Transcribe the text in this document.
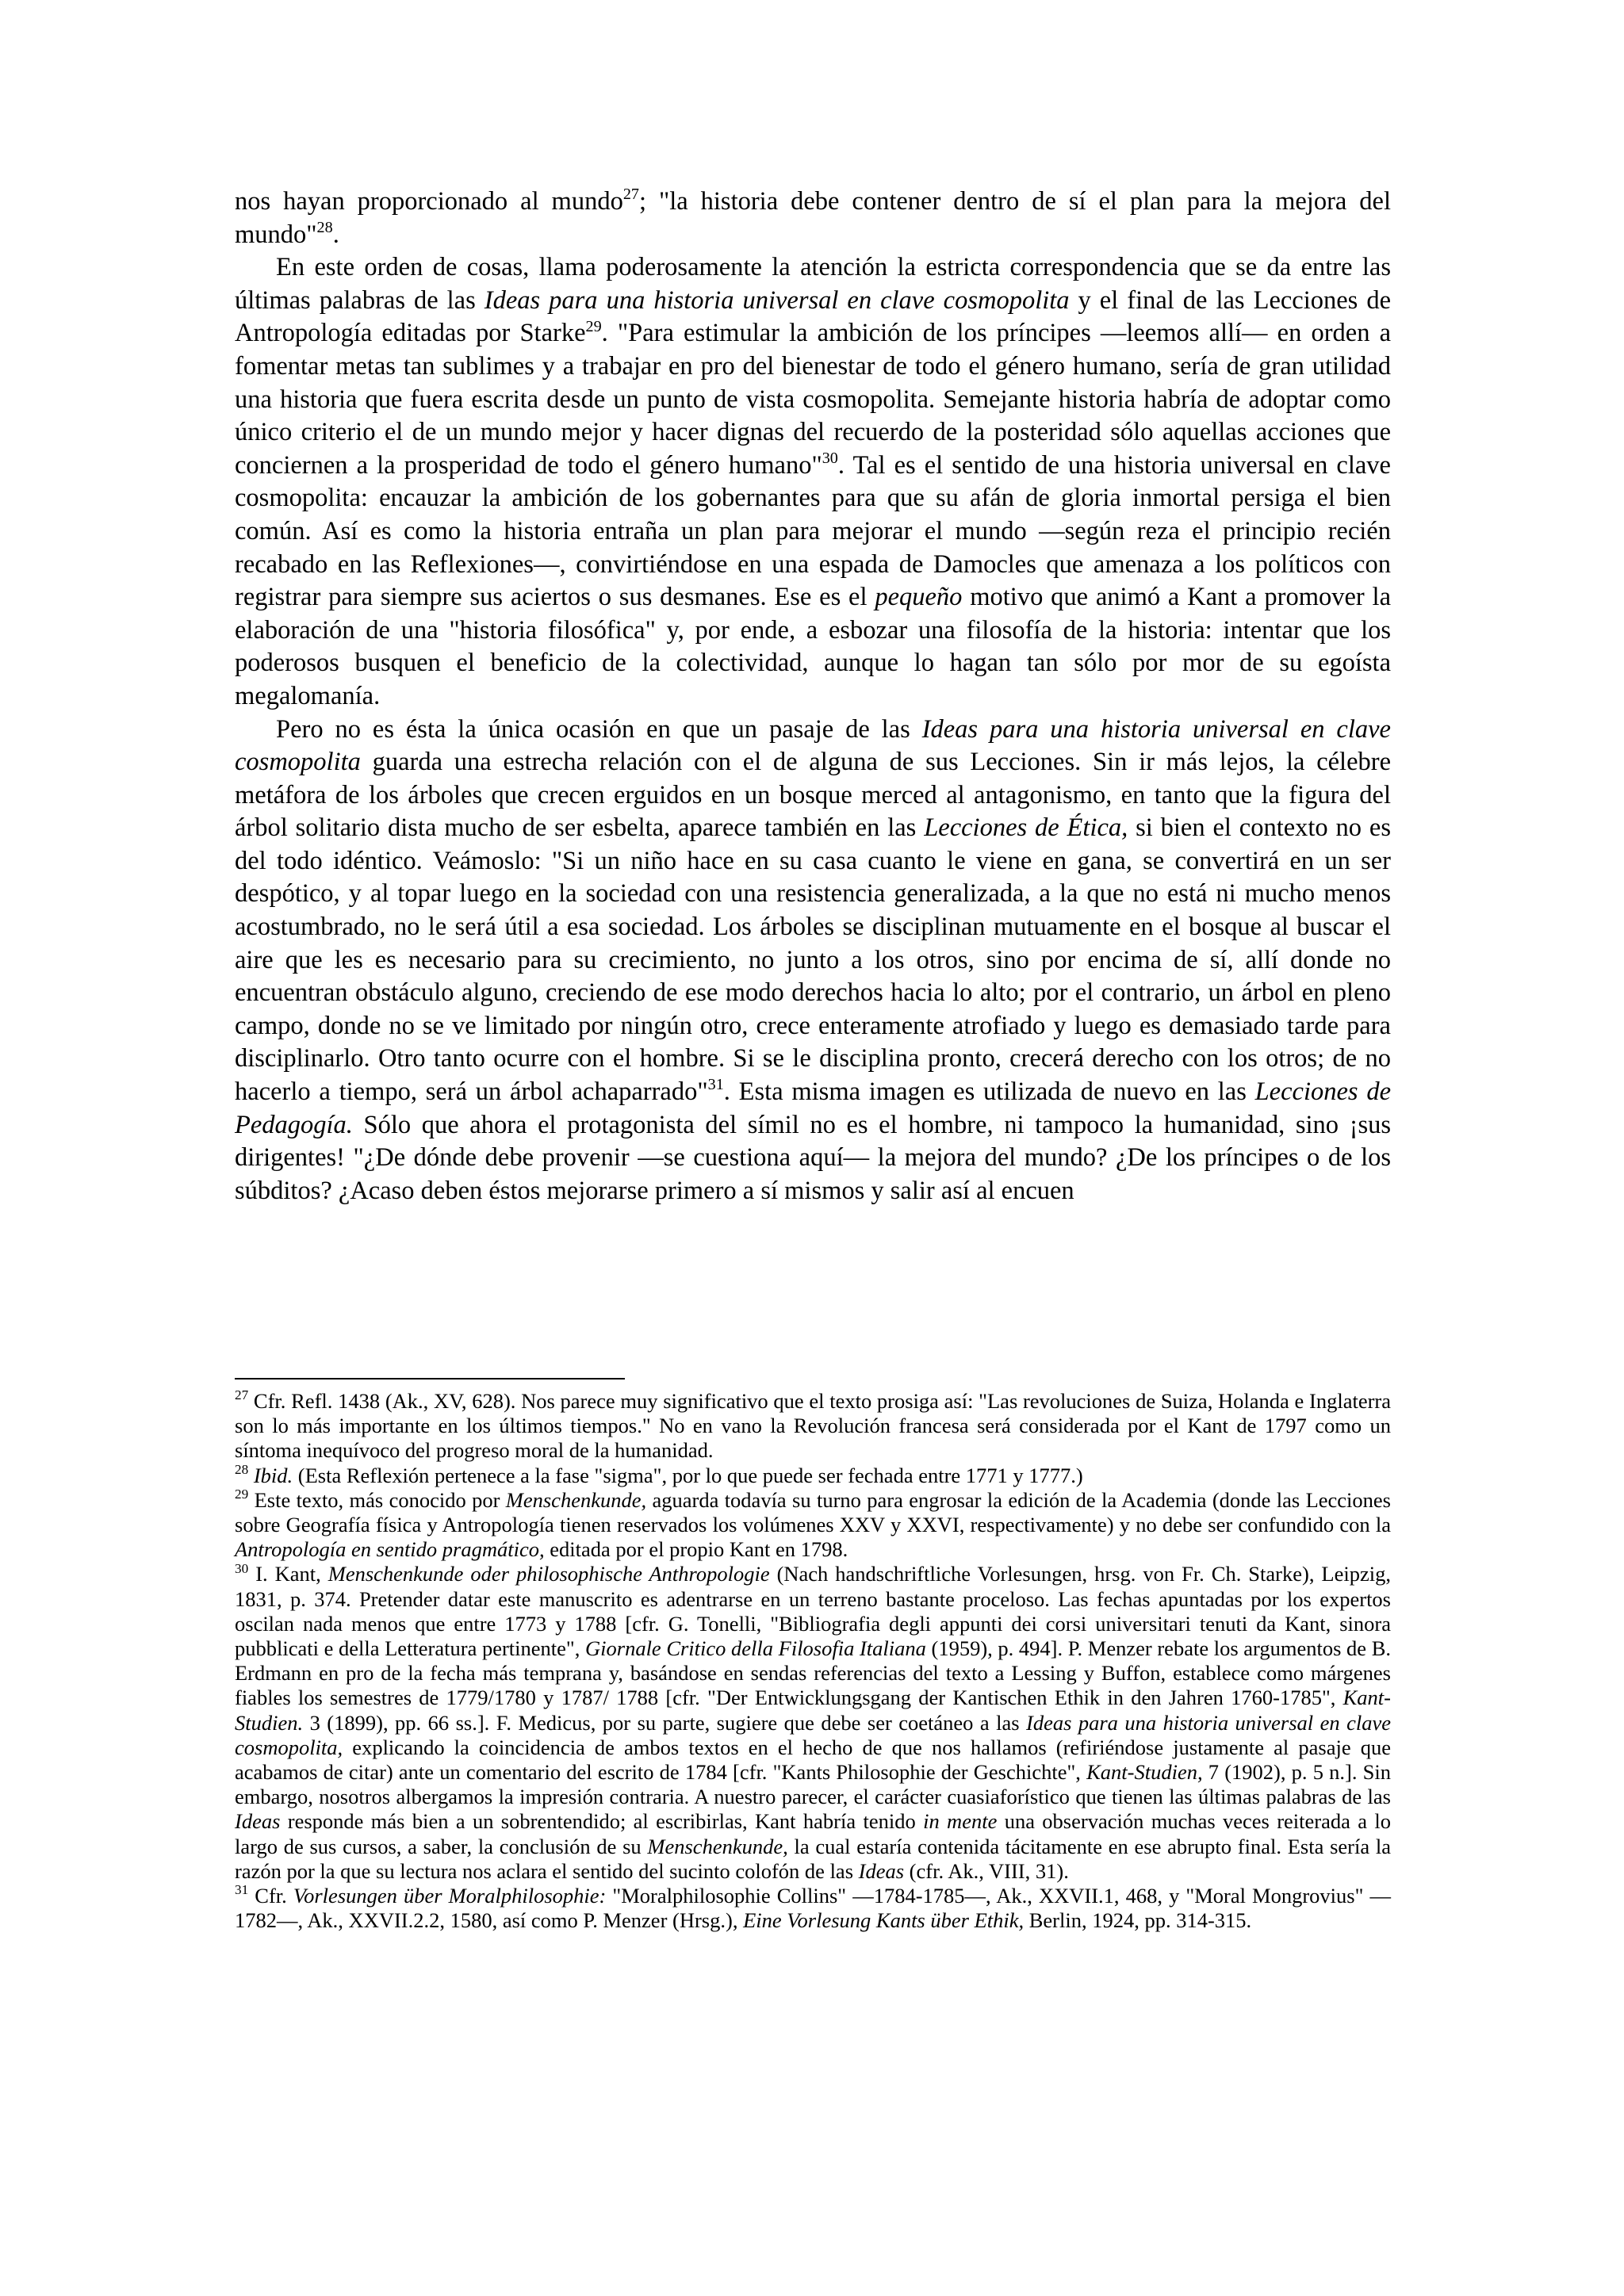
nos hayan proporcionado al mundo$^{27}$; "la historia debe contener dentro de sí el plan para la mejora del mundo"$^{28}$.

En este orden de cosas, llama poderosamente la atención la estricta correspondencia que se da entre las últimas palabras de las Ideas para una historia universal en clave cosmopolita y el final de las Lecciones de Antropología editadas por Starke$^{29}$. "Para estimular la ambición de los príncipes —leemos allí— en orden a fomentar metas tan sublimes y a trabajar en pro del bienestar de todo el género humano, sería de gran utilidad una historia que fuera escrita desde un punto de vista cosmopolita. Semejante historia habría de adoptar como único criterio el de un mundo mejor y hacer dignas del recuerdo de la posteridad sólo aquellas acciones que conciernen a la prosperidad de todo el género humano"$^{30}$. Tal es el sentido de una historia universal en clave cosmopolita: encauzar la ambición de los gobernantes para que su afán de gloria inmortal persiga el bien común. Así es como la historia entraña un plan para mejorar el mundo —según reza el principio recién recabado en las Reflexiones—, convirtiéndose en una espada de Damocles que amenaza a los políticos con registrar para siempre sus aciertos o sus desmanes. Ese es el pequeño motivo que animó a Kant a promover la elaboración de una "historia filosófica" y, por ende, a esbozar una filosofía de la historia: intentar que los poderosos busquen el beneficio de la colectividad, aunque lo hagan tan sólo por mor de su egoísta megalomanía.

Pero no es ésta la única ocasión en que un pasaje de las Ideas para una historia universal en clave cosmopolita guarda una estrecha relación con el de alguna de sus Lecciones. Sin ir más lejos, la célebre metáfora de los árboles que crecen erguidos en un bosque merced al antagonismo, en tanto que la figura del árbol solitario dista mucho de ser esbelta, aparece también en las Lecciones de Ética, si bien el contexto no es del todo idéntico. Veámoslo: "Si un niño hace en su casa cuanto le viene en gana, se convertirá en un ser despótico, y al topar luego en la sociedad con una resistencia generalizada, a la que no está ni mucho menos acostumbrado, no le será útil a esa sociedad. Los árboles se disciplinan mutuamente en el bosque al buscar el aire que les es necesario para su crecimiento, no junto a los otros, sino por encima de sí, allí donde no encuentran obstáculo alguno, creciendo de ese modo derechos hacia lo alto; por el contrario, un árbol en pleno campo, donde no se ve limitado por ningún otro, crece enteramente atrofiado y luego es demasiado tarde para disciplinarlo. Otro tanto ocurre con el hombre. Si se le disciplina pronto, crecerá derecho con los otros; de no hacerlo a tiempo, será un árbol achaparrado"$^{31}$. Esta misma imagen es utilizada de nuevo en las Lecciones de Pedagogía. Sólo que ahora el protagonista del símil no es el hombre, ni tampoco la humanidad, sino ¡sus dirigentes! "¿De dónde debe provenir —se cuestiona aquí— la mejora del mundo? ¿De los príncipes o de los súbditos? ¿Acaso deben éstos mejorarse primero a sí mismos y salir así al encuen

$^{27}$ Cfr. Refl. 1438 (Ak., XV, 628). Nos parece muy significativo que el texto prosiga así: "Las revoluciones de Suiza, Holanda e Inglaterra son lo más importante en los últimos tiempos." No en vano la Revolución francesa será considerada por el Kant de 1797 como un síntoma inequívoco del progreso moral de la humanidad.

$^{28}$ Ibid. (Esta Reflexión pertenece a la fase "sigma", por lo que puede ser fechada entre 1771 y 1777.)

$^{29}$ Este texto, más conocido por Menschenkunde, aguarda todavía su turno para engrosar la edición de la Academia (donde las Lecciones sobre Geografía física y Antropología tienen reservados los volúmenes XXV y XXVI, respectivamente) y no debe ser confundido con la Antropología en sentido pragmático, editada por el propio Kant en 1798.

$^{30}$ I. Kant, Menschenkunde oder philosophische Anthropologie (Nach handschriftliche Vorlesungen, hrsg. von Fr. Ch. Starke), Leipzig, 1831, p. 374. Pretender datar este manuscrito es adentrarse en un terreno bastante proceloso. Las fechas apuntadas por los expertos oscilan nada menos que entre 1773 y 1788 [cfr. G. Tonelli, "Bibliografia degli appunti dei corsi universitari tenuti da Kant, sinora pubblicati e della Letteratura pertinente", Giornale Critico della Filosofia Italiana (1959), p. 494]. P. Menzer rebate los argumentos de B. Erdmann en pro de la fecha más temprana y, basándose en sendas referencias del texto a Lessing y Buffon, establece como márgenes fiables los semestres de 1779/1780 y 1787/ 1788 [cfr. "Der Entwicklungsgang der Kantischen Ethik in den Jahren 1760-1785", Kant-Studien. 3 (1899), pp. 66 ss.]. F. Medicus, por su parte, sugiere que debe ser coetáneo a las Ideas para una historia universal en clave cosmopolita, explicando la coincidencia de ambos textos en el hecho de que nos hallamos (refiriéndose justamente al pasaje que acabamos de citar) ante un comentario del escrito de 1784 [cfr. "Kants Philosophie der Geschichte", Kant-Studien, 7 (1902), p. 5 n.]. Sin embargo, nosotros albergamos la impresión contraria. A nuestro parecer, el carácter cuasiaforístico que tienen las últimas palabras de las Ideas responde más bien a un sobrentendido; al escribirlas, Kant habría tenido in mente una observación muchas veces reiterada a lo largo de sus cursos, a saber, la conclusión de su Menschenkunde, la cual estaría contenida tácitamente en ese abrupto final. Esta sería la razón por la que su lectura nos aclara el sentido del sucinto colofón de las Ideas (cfr. Ak., VIII, 31).

$^{31}$ Cfr. Vorlesungen über Moralphilosophie: "Moralphilosophie Collins" —1784-1785—, Ak., XXVII.1, 468, y "Moral Mongrovius" —1782—, Ak., XXVII.2.2, 1580, así como P. Menzer (Hrsg.), Eine Vorlesung Kants über Ethik, Berlin, 1924, pp. 314-315.
